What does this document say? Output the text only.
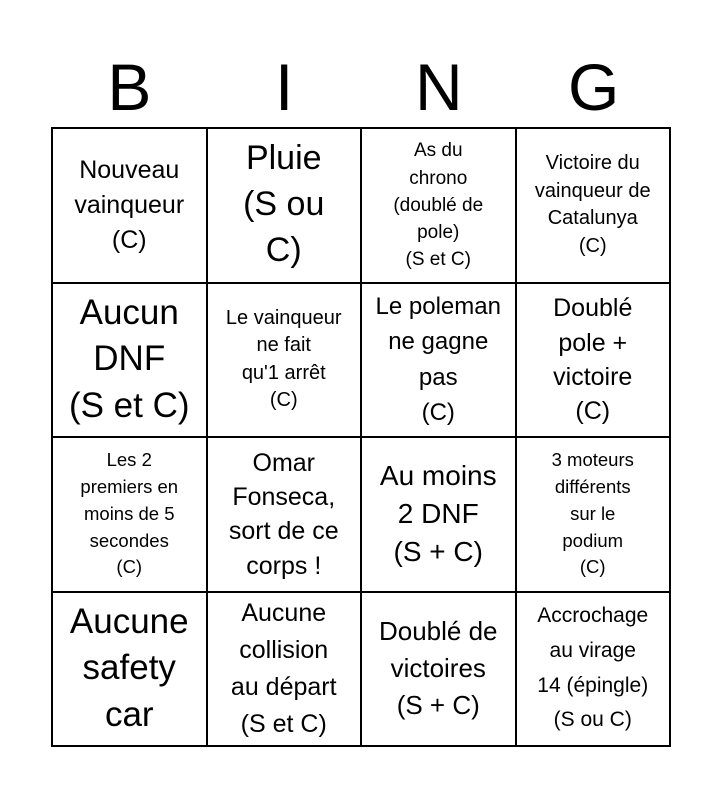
B	I	N	G
Nouveau
vainqueur
(C)
Pluie
(S ou
C)
As du
chrono
(doublé de
pole)
(S et C)
Victoire du
vainqueur de
Catalunya
(C)
Aucun
DNF
(S et C)
Le vainqueur
ne fait
qu'1 arrêt
(C)
Le poleman
ne gagne
pas
(C)
Doublé
pole +
victoire
(C)
Les 2
premiers en
moins de 5
secondes
(C)
Omar
Fonseca,
sort de ce
corps !
Au moins
2 DNF
(S + C)
3 moteurs
différents
sur le
podium
(C)
Aucune
safety
car
Aucune
collision
au départ
(S et C)
Doublé de
victoires
(S + C)
Accrochage
au virage
14 (épingle)
(S ou C)
